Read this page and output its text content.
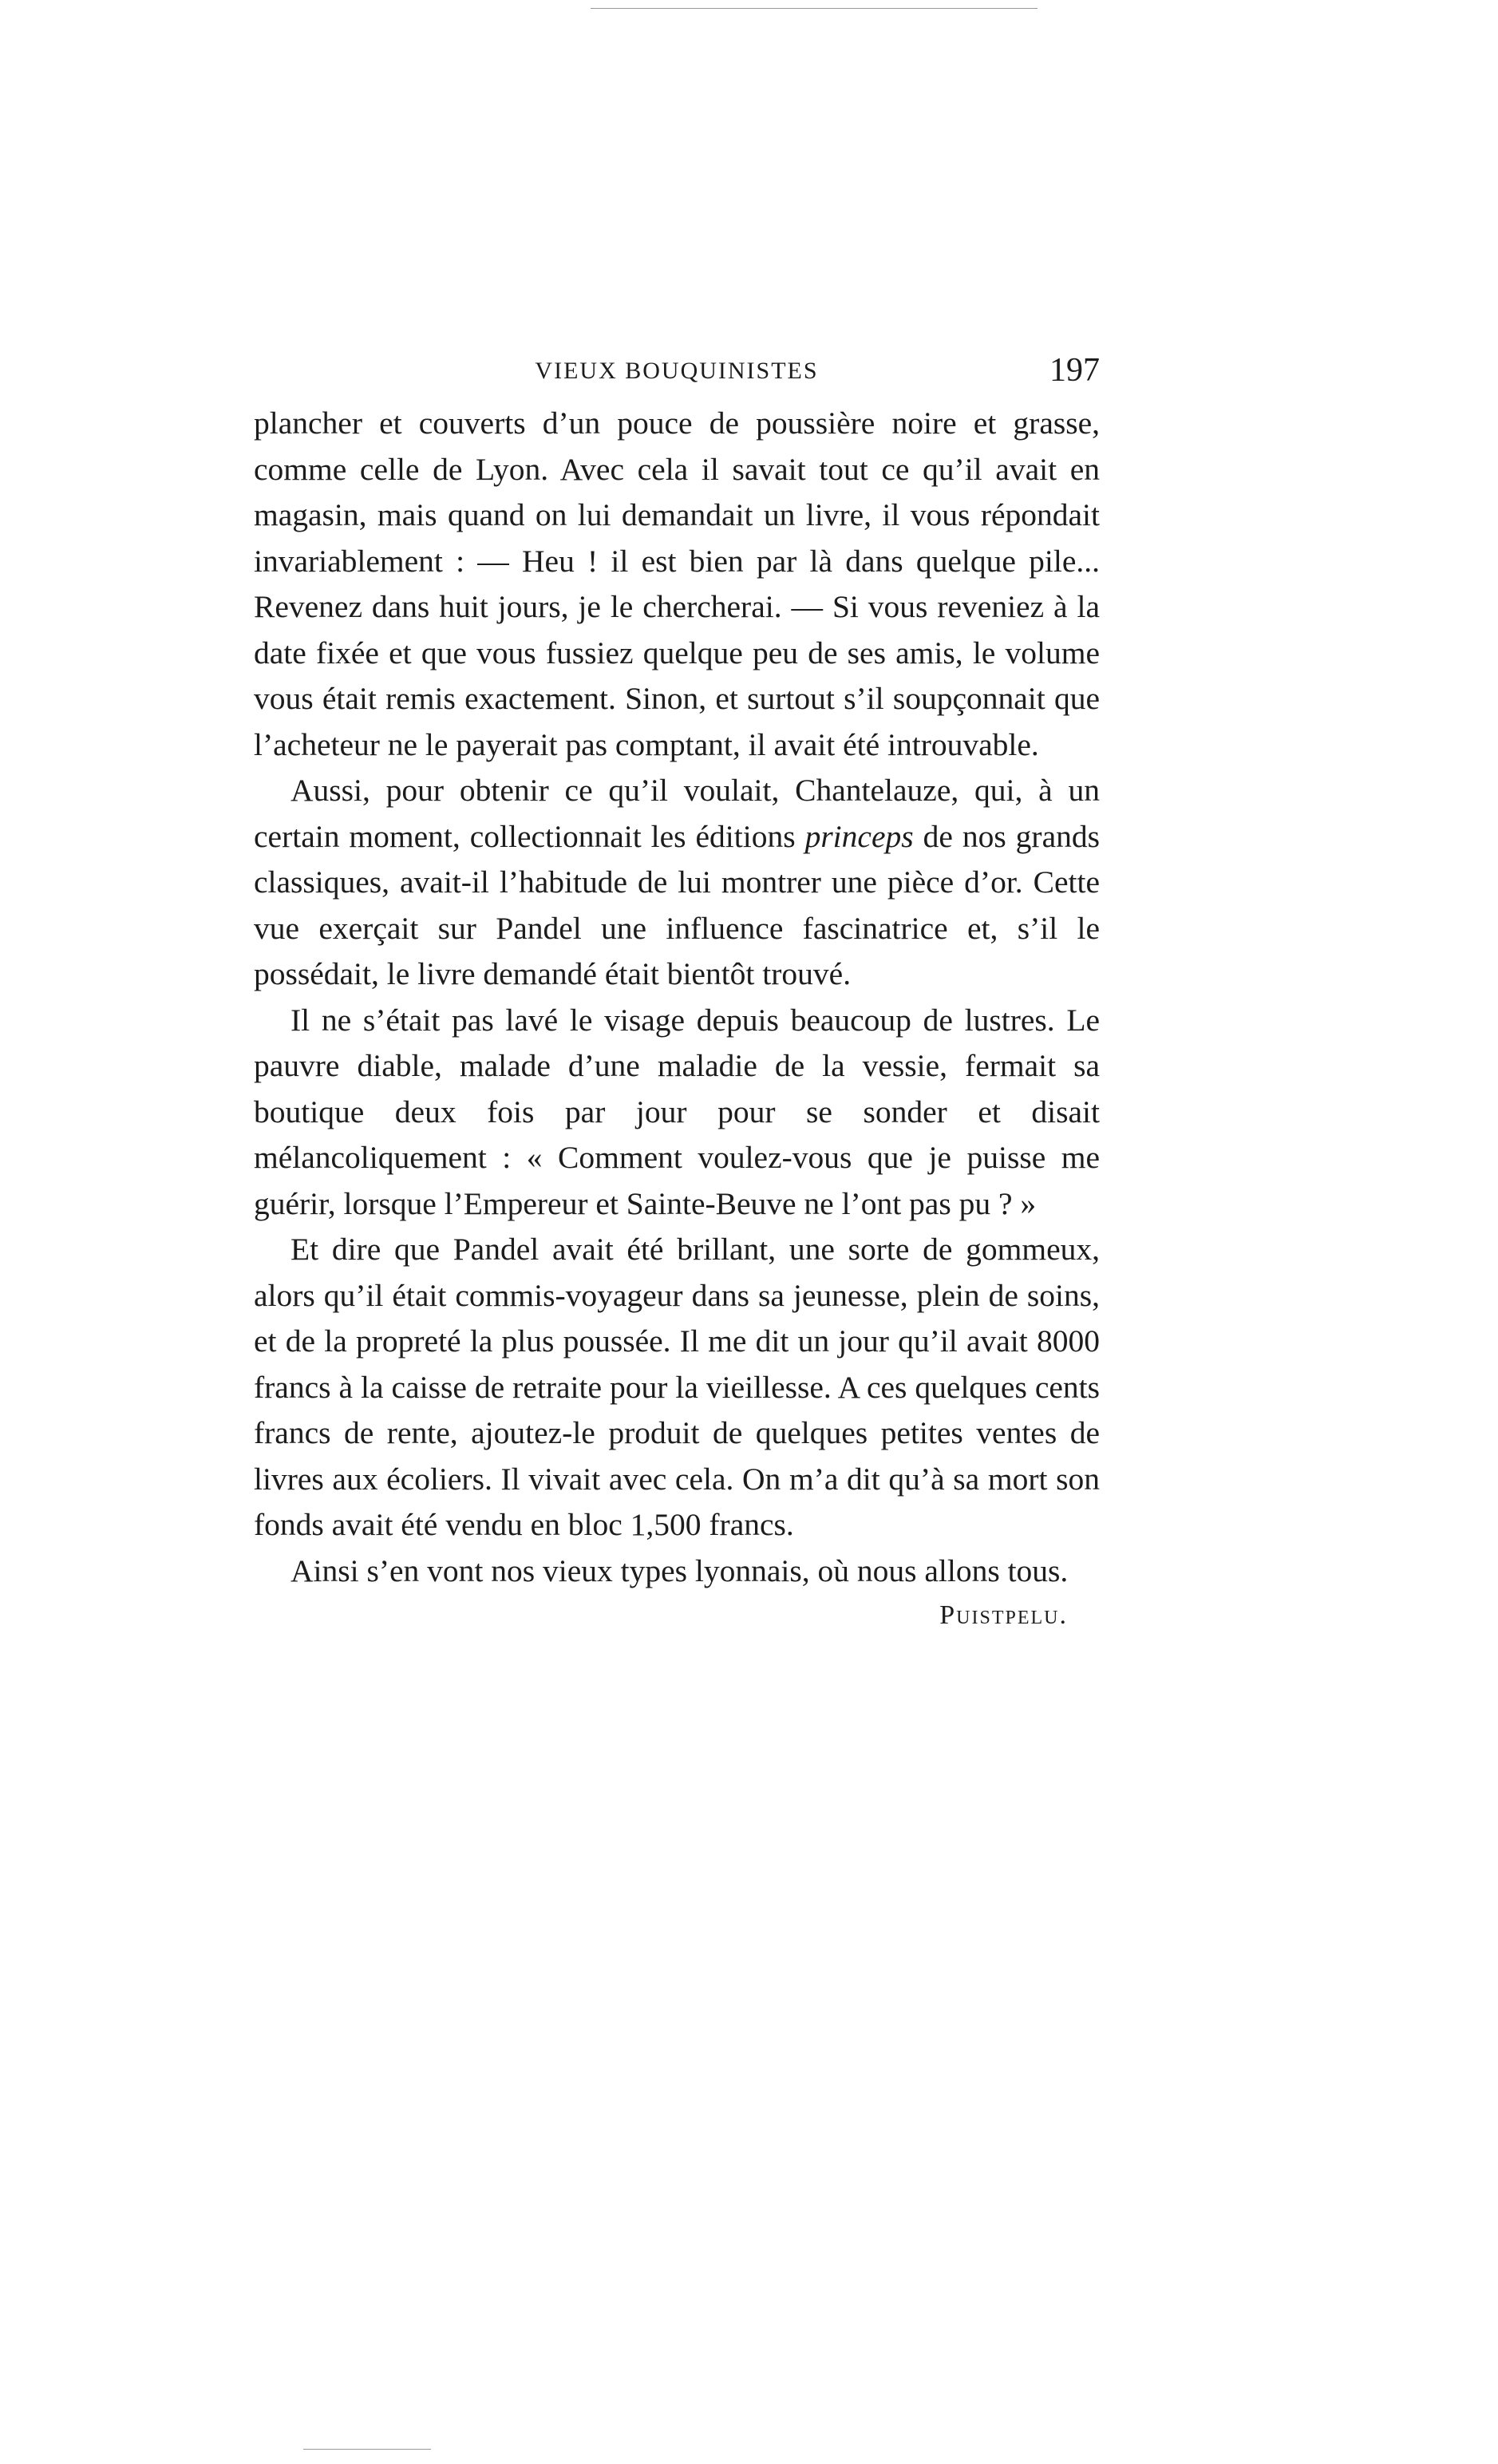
VIEUX BOUQUINISTES	197

plancher et couverts d’un pouce de poussière noire et grasse, comme celle de Lyon. Avec cela il savait tout ce qu’il avait en magasin, mais quand on lui demandait un livre, il vous répondait invariablement : — Heu ! il est bien par là dans quelque pile... Revenez dans huit jours, je le chercherai. — Si vous reveniez à la date fixée et que vous fussiez quelque peu de ses amis, le volume vous était remis exactement. Sinon, et surtout s’il soupçonnait que l’acheteur ne le payerait pas comptant, il avait été introuvable.

Aussi, pour obtenir ce qu’il voulait, Chantelauze, qui, à un certain moment, collectionnait les éditions princeps de nos grands classiques, avait-il l’habitude de lui montrer une pièce d’or. Cette vue exerçait sur Pandel une influence fascinatrice et, s’il le possédait, le livre demandé était bientôt trouvé.

Il ne s’était pas lavé le visage depuis beaucoup de lustres. Le pauvre diable, malade d’une maladie de la vessie, fermait sa boutique deux fois par jour pour se sonder et disait mélancoliquement : « Comment voulez-vous que je puisse me guérir, lorsque l’Empereur et Sainte-Beuve ne l’ont pas pu ? »

Et dire que Pandel avait été brillant, une sorte de gommeux, alors qu’il était commis-voyageur dans sa jeunesse, plein de soins, et de la propreté la plus poussée. Il me dit un jour qu’il avait 8000 francs à la caisse de retraite pour la vieillesse. A ces quelques cents francs de rente, ajoutez-le produit de quelques petites ventes de livres aux écoliers. Il vivait avec cela. On m’a dit qu’à sa mort son fonds avait été vendu en bloc 1,500 francs.

Ainsi s’en vont nos vieux types lyonnais, où nous allons tous.

Puistpelu.
